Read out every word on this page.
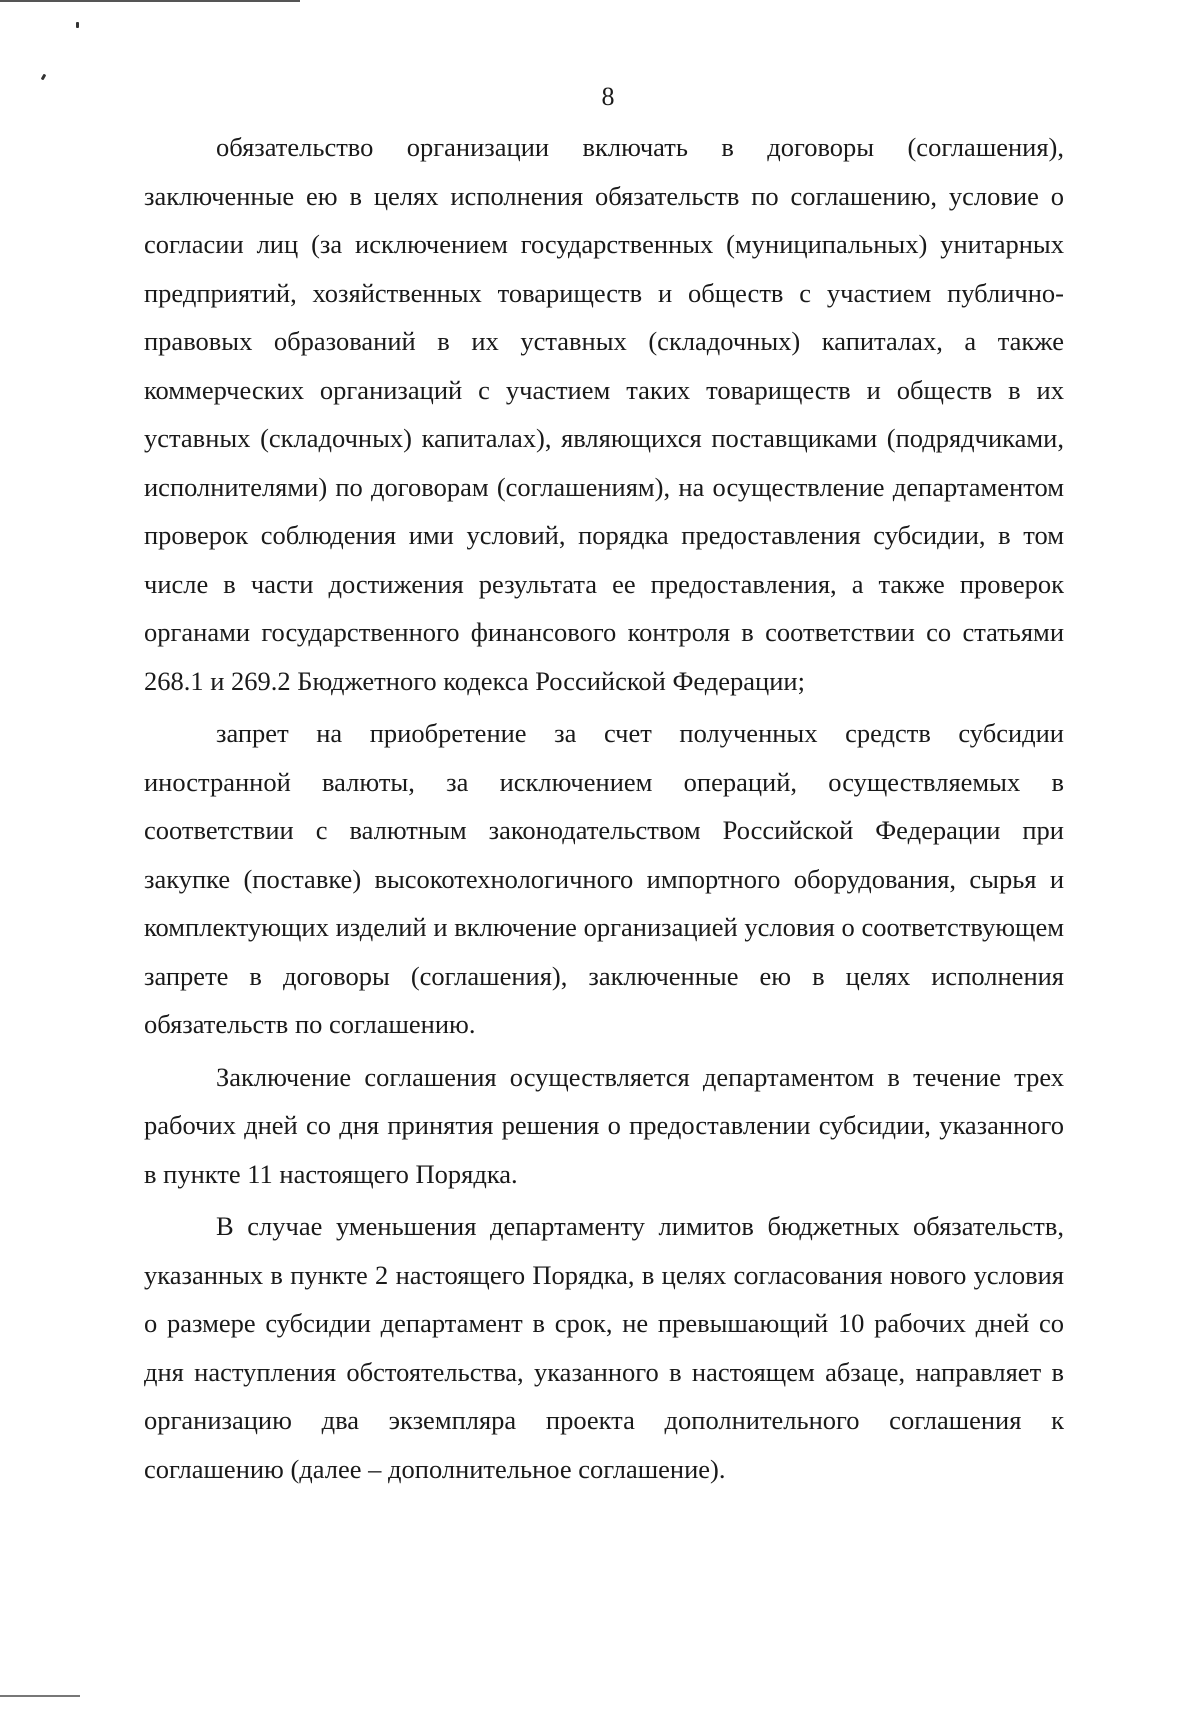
8

обязательство организации включать в договоры (соглашения), заключенные ею в целях исполнения обязательств по соглашению, условие о согласии лиц (за исключением государственных (муниципальных) унитарных предприятий, хозяйственных товариществ и обществ с участием публично-правовых образований в их уставных (складочных) капиталах, а также коммерческих организаций с участием таких товариществ и обществ в их уставных (складочных) капиталах), являющихся поставщиками (подрядчиками, исполнителями) по договорам (соглашениям), на осуществление департаментом проверок соблюдения ими условий, порядка предоставления субсидии, в том числе в части достижения результата ее предоставления, а также проверок органами государственного финансового контроля в соответствии со статьями 268.1 и 269.2 Бюджетного кодекса Российской Федерации;

запрет на приобретение за счет полученных средств субсидии иностранной валюты, за исключением операций, осуществляемых в соответствии с валютным законодательством Российской Федерации при закупке (поставке) высокотехнологичного импортного оборудования, сырья и комплектующих изделий и включение организацией условия о соответствующем запрете в договоры (соглашения), заключенные ею в целях исполнения обязательств по соглашению.

Заключение соглашения осуществляется департаментом в течение трех рабочих дней со дня принятия решения о предоставлении субсидии, указанного в пункте 11 настоящего Порядка.

В случае уменьшения департаменту лимитов бюджетных обязательств, указанных в пункте 2 настоящего Порядка, в целях согласования нового условия о размере субсидии департамент в срок, не превышающий 10 рабочих дней со дня наступления обстоятельства, указанного в настоящем абзаце, направляет в организацию два экземпляра проекта дополнительного соглашения к соглашению (далее – дополнительное соглашение).
